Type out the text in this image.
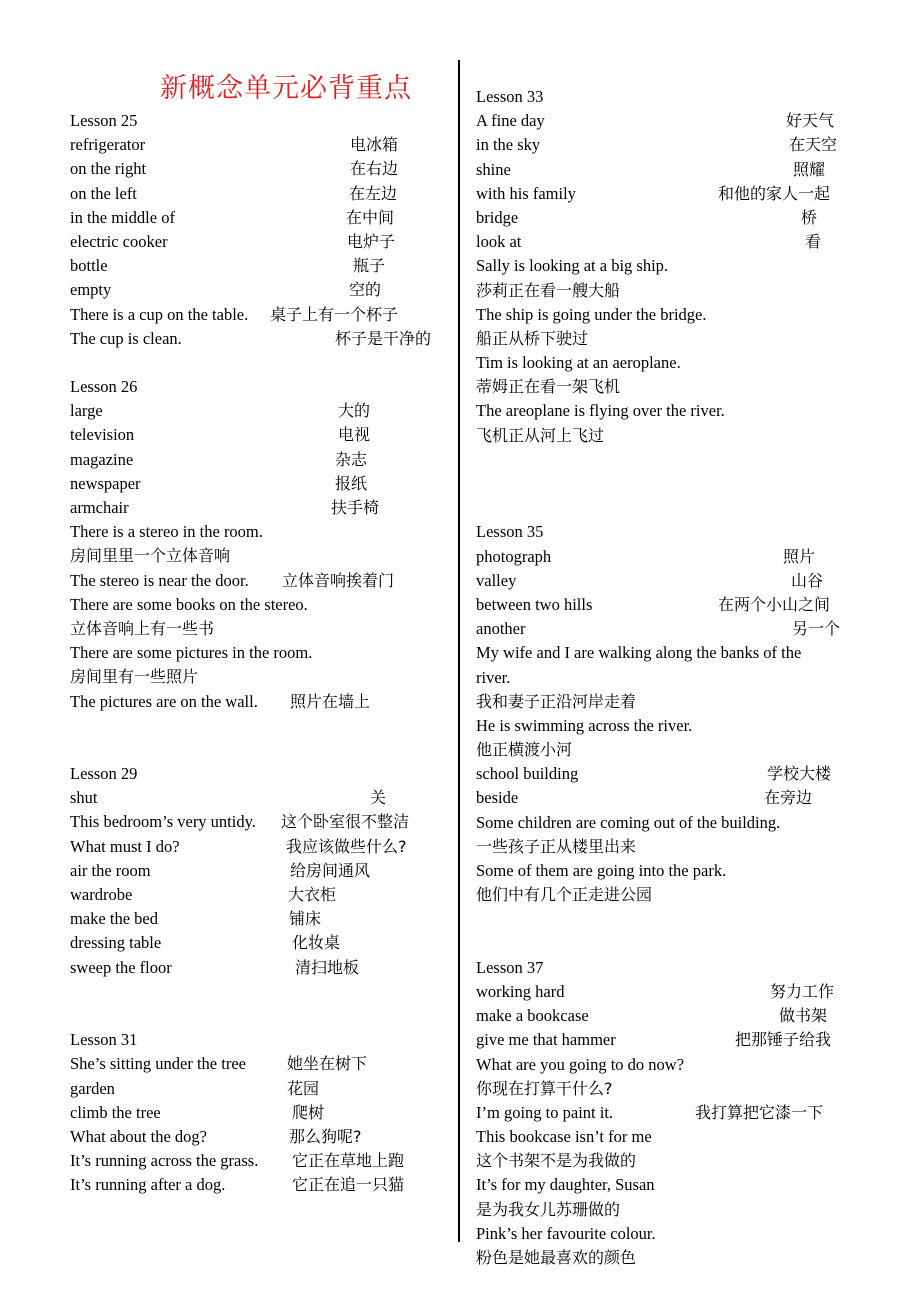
新概念单元必背重点
Lesson 25
refrigerator	电冰箱
on the right	在右边
on the left	在左边
in the middle of	在中间
electric cooker	电炉子
bottle	瓶子
empty	空的
There is a cup on the table. 桌子上有一个杯子
The cup is clean.	杯子是干净的
Lesson 26
large	大的
television	电视
magazine	杂志
newspaper	报纸
armchair	扶手椅
There is a stereo in the room.
房间里里一个立体音响
The stereo is near the door. 立体音响挨着门
There are some books on the stereo.
立体音响上有一些书
There are some pictures in the room.
房间里有一些照片
The pictures are on the wall. 照片在墙上
Lesson 29
shut	关
This bedroom’s very untidy. 这个卧室很不整洁
What must I do?	我应该做些什么?
air the room	给房间通风
wardrobe	大衣柜
make the bed	铺床
dressing table	化妆桌
sweep the floor	清扫地板
Lesson 31
She’s sitting under the tree	她坐在树下
garden	花园
climb the tree	爬树
What about the dog?	那么狗呢?
It’s running across the grass. 它正在草地上跑
It’s running after a dog.	它正在追一只猫
Lesson 33
A fine day	好天气
in the sky	在天空
shine	照耀
with his family	和他的家人一起
bridge	桥
look at	看
Sally is looking at a big ship.
莎莉正在看一艘大船
The ship is going under the bridge.
船正从桥下驶过
Tim is looking at an aeroplane.
蒂姆正在看一架飞机
The areoplane is flying over the river.
飞机正从河上飞过
Lesson 35
photograph	照片
valley	山谷
between two hills	在两个小山之间
another	另一个
My wife and I are walking along the banks of the
river.
我和妻子正沿河岸走着
He is swimming across the river.
他正横渡小河
school building	学校大楼
beside	在旁边
Some children are coming out of the building.
一些孩子正从楼里出来
Some of them are going into the park.
他们中有几个正走进公园
Lesson 37
working hard	努力工作
make a bookcase	做书架
give me that hammer	把那锤子给我
What are you going to do now?
你现在打算干什么?
I’m going to paint it.	我打算把它漆一下
This bookcase isn’t for me
这个书架不是为我做的
It’s for my daughter, Susan
是为我女儿苏珊做的
Pink’s her favourite colour.
粉色是她最喜欢的颜色
